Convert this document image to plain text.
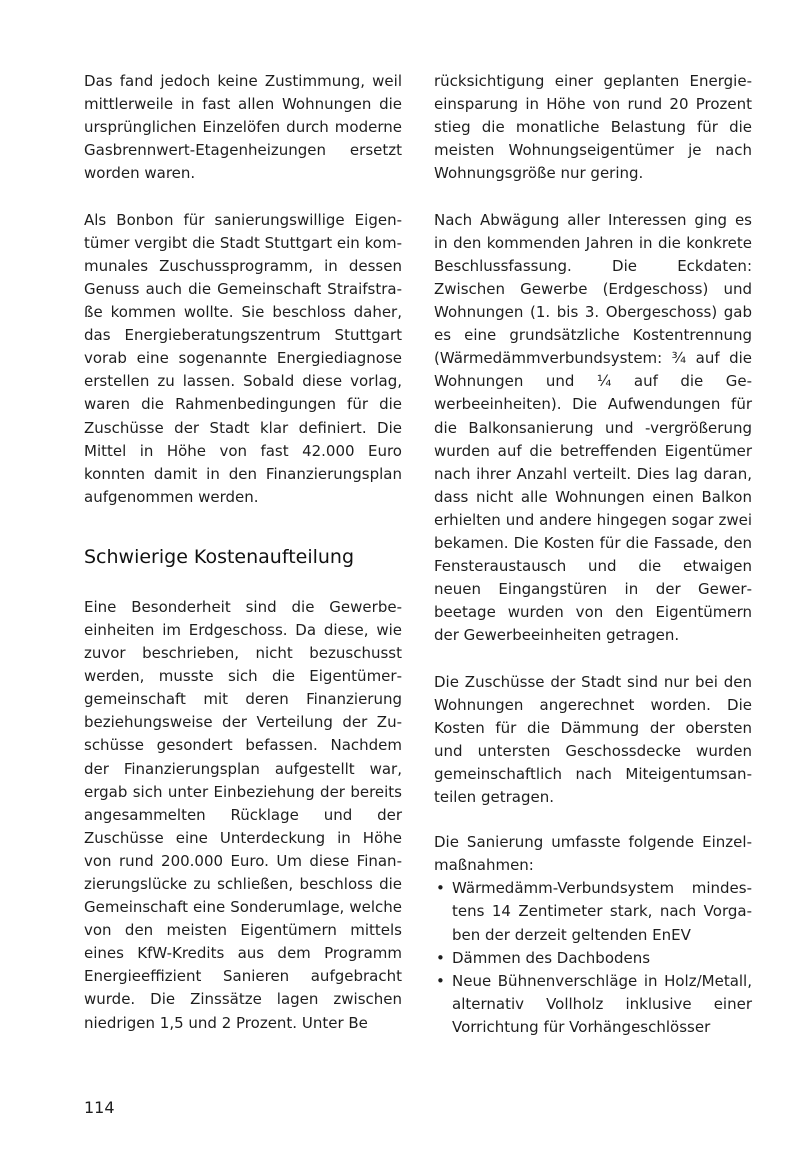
Das fand jedoch keine Zustimmung, weil mittlerweile in fast allen Wohnungen die ursprünglichen Einzelöfen durch moderne Gasbrennwert-Etagenheizungen ersetzt worden waren.

Als Bonbon für sanierungswillige Eigentümer vergibt die Stadt Stuttgart ein kommunales Zuschussprogramm, in dessen Genuss auch die Gemeinschaft Straifstraße kommen wollte. Sie beschloss daher, das Energieberatungszentrum Stuttgart vorab eine sogenannte Energiediagnose erstellen zu lassen. Sobald diese vorlag, waren die Rahmenbedingungen für die Zuschüsse der Stadt klar definiert. Die Mittel in Höhe von fast 42.000 Euro konnten damit in den Finanzierungsplan aufgenommen werden.

Schwierige Kostenaufteilung

Eine Besonderheit sind die Gewerbeeinheiten im Erdgeschoss. Da diese, wie zuvor beschrieben, nicht bezuschusst werden, musste sich die Eigentümergemeinschaft mit deren Finanzierung beziehungsweise der Verteilung der Zuschüsse gesondert befassen. Nachdem der Finanzierungsplan aufgestellt war, ergab sich unter Einbeziehung der bereits angesammelten Rücklage und der Zuschüsse eine Unterdeckung in Höhe von rund 200.000 Euro. Um diese Finanzierungslücke zu schließen, beschloss die Gemeinschaft eine Sonderumlage, welche von den meisten Eigentümern mittels eines KfW-Kredits aus dem Programm Energieeffizient Sanieren aufgebracht wurde. Die Zinssätze lagen zwischen niedrigen 1,5 und 2 Prozent. Unter Be

rücksichtigung einer geplanten Energieeinsparung in Höhe von rund 20 Prozent stieg die monatliche Belastung für die meisten Wohnungseigentümer je nach Wohnungsgröße nur gering.

Nach Abwägung aller Interessen ging es in den kommenden Jahren in die konkrete Beschlussfassung. Die Eckdaten: Zwischen Gewerbe (Erdgeschoss) und Wohnungen (1. bis 3. Obergeschoss) gab es eine grundsätzliche Kostentrennung (Wärmedämmverbundsystem: ¾ auf die Wohnungen und ¼ auf die Gewerbeeinheiten). Die Aufwendungen für die Balkonsanierung und -vergrößerung wurden auf die betreffenden Eigentümer nach ihrer Anzahl verteilt. Dies lag daran, dass nicht alle Wohnungen einen Balkon erhielten und andere hingegen sogar zwei bekamen. Die Kosten für die Fassade, den Fensteraustausch und die etwaigen neuen Eingangstüren in der Gewerbeetage wurden von den Eigentümern der Gewerbeeinheiten getragen.

Die Zuschüsse der Stadt sind nur bei den Wohnungen angerechnet worden. Die Kosten für die Dämmung der obersten und untersten Geschossdecke wurden gemeinschaftlich nach Miteigentumsanteilen getragen.

Die Sanierung umfasste folgende Einzelmaßnahmen:

• Wärmedämm-Verbundsystem mindestens 14 Zentimeter stark, nach Vorgaben der derzeit geltenden EnEV
• Dämmen des Dachbodens
• Neue Bühnenverschläge in Holz/Metall, alternativ Vollholz inklusive einer Vorrichtung für Vorhängeschlösser
114
